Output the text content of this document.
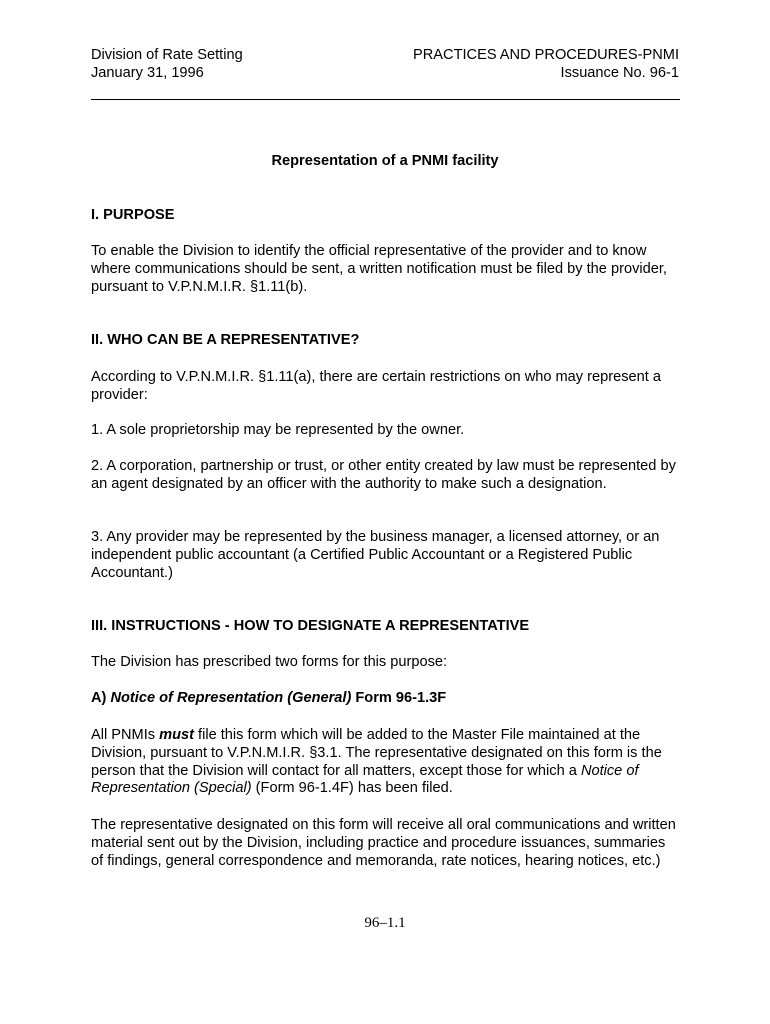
Division of Rate Setting
January 31, 1996
PRACTICES AND PROCEDURES-PNMI
Issuance No. 96-1
Representation of a PNMI facility
I. PURPOSE
To enable the Division to identify the official representative of the provider and to know where communications should be sent, a written notification must be filed by the provider, pursuant to V.P.N.M.I.R. §1.11(b).
II. WHO CAN BE A REPRESENTATIVE?
According to V.P.N.M.I.R. §1.11(a), there are certain restrictions on who may represent a provider:
1. A sole proprietorship may be represented by the owner.
2. A corporation, partnership or trust, or other entity created by law must be represented by an agent designated by an officer with the authority to make such a designation.
3. Any provider may be represented by the business manager, a licensed attorney, or an independent public accountant (a Certified Public Accountant or a Registered Public Accountant.)
III. INSTRUCTIONS - HOW TO DESIGNATE A REPRESENTATIVE
The Division has prescribed two forms for this purpose:
A) Notice of Representation (General) Form 96-1.3F
All PNMIs must file this form which will be added to the Master File maintained at the Division, pursuant to V.P.N.M.I.R. §3.1. The representative designated on this form is the person that the Division will contact for all matters, except those for which a Notice of Representation (Special) (Form 96-1.4F) has been filed.
The representative designated on this form will receive all oral communications and written material sent out by the Division, including practice and procedure issuances, summaries of findings, general correspondence and memoranda, rate notices, hearing notices, etc.)
96–1.1
